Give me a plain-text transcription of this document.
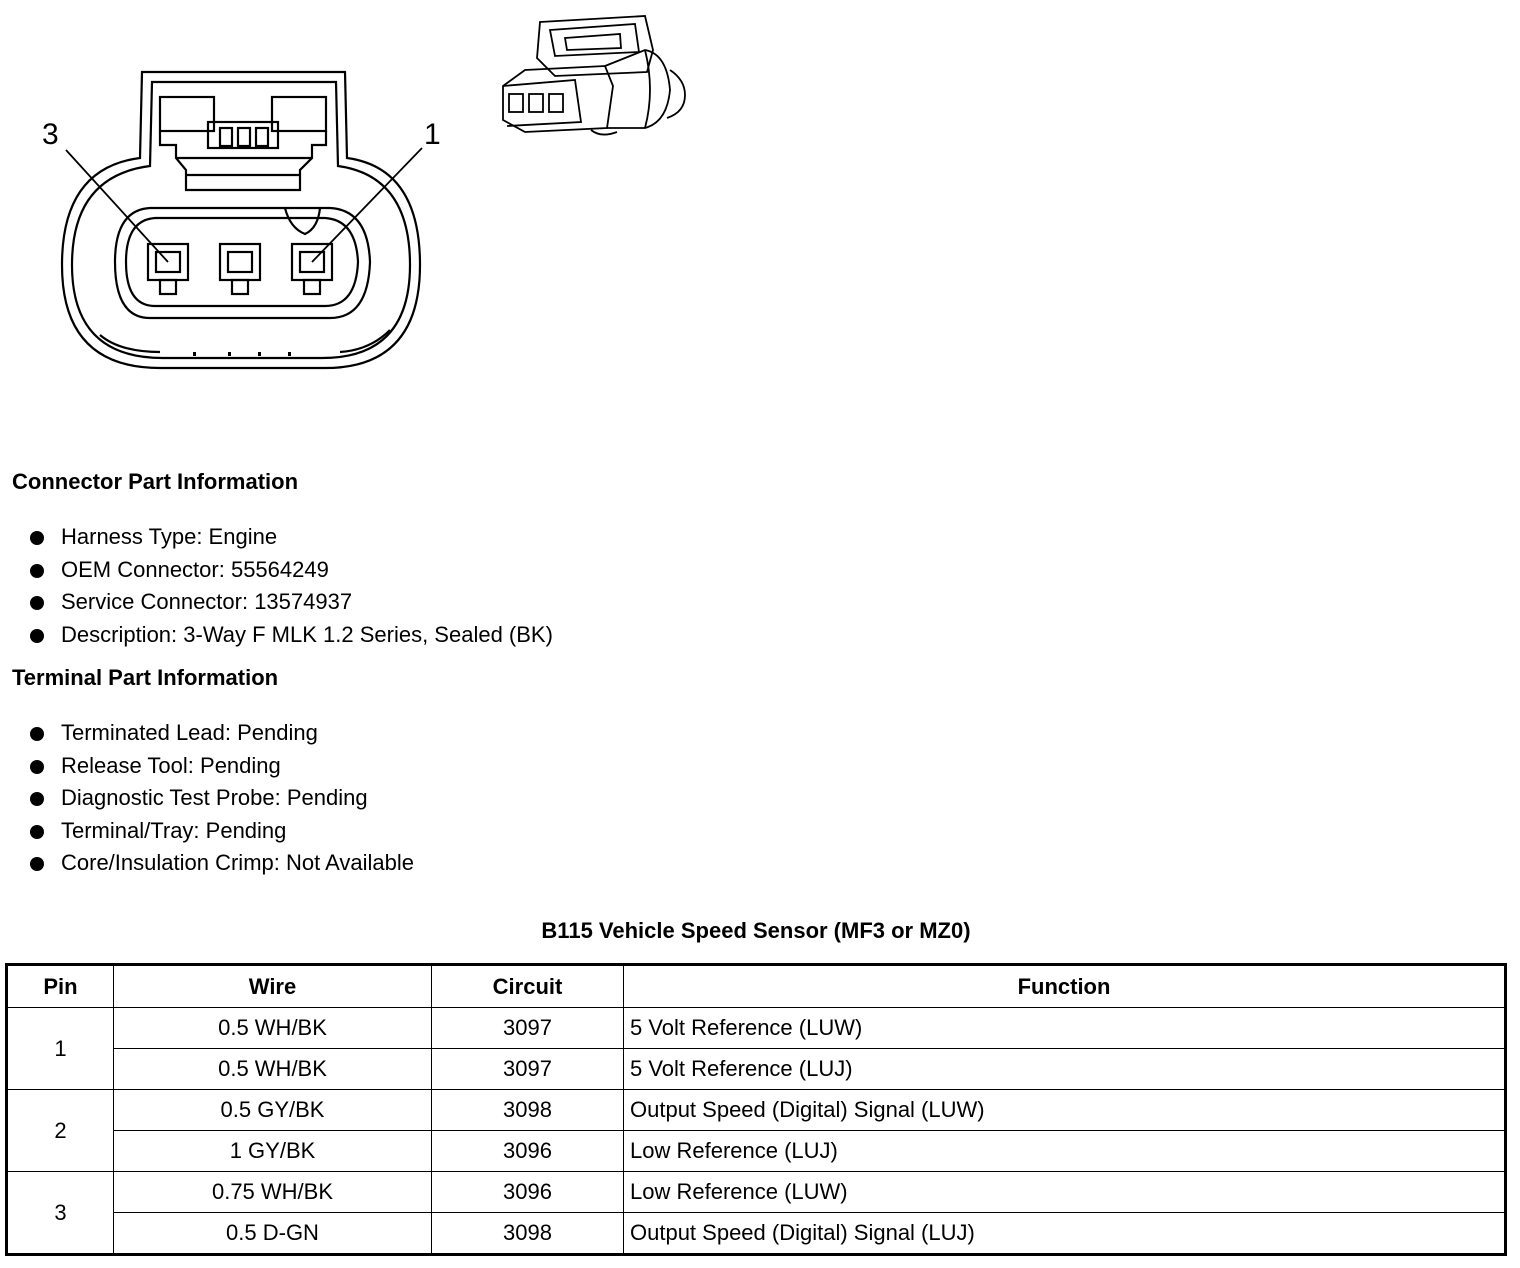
3	1
Connector Part Information
Harness Type: Engine
OEM Connector: 55564249
Service Connector: 13574937
Description: 3-Way F MLK 1.2 Series, Sealed (BK)
Terminal Part Information
Terminated Lead: Pending
Release Tool: Pending
Diagnostic Test Probe: Pending
Terminal/Tray: Pending
Core/Insulation Crimp: Not Available
B115 Vehicle Speed Sensor (MF3 or MZ0)
Pin	Wire	Circuit	Function
1	0.5 WH/BK	3097	5 Volt Reference (LUW)
	0.5 WH/BK	3097	5 Volt Reference (LUJ)
2	0.5 GY/BK	3098	Output Speed (Digital) Signal (LUW)
	1 GY/BK	3096	Low Reference (LUJ)
3	0.75 WH/BK	3096	Low Reference (LUW)
	0.5 D-GN	3098	Output Speed (Digital) Signal (LUJ)
